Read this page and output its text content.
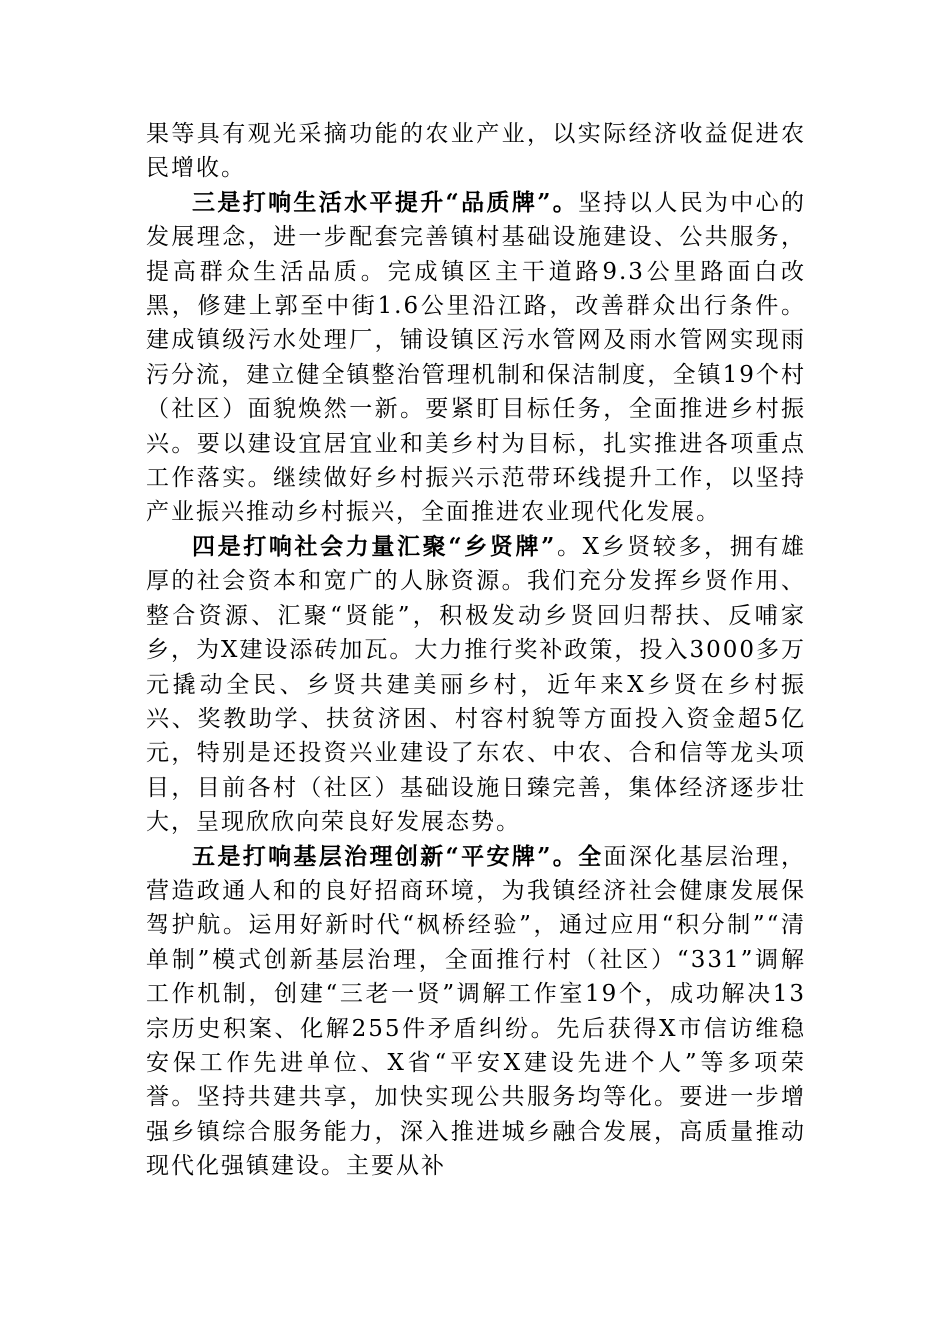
果等具有观光采摘功能的农业产业，以实际经济收益促进农民增收。

三是打响生活水平提升“品质牌”。坚持以人民为中心的发展理念，进一步配套完善镇村基础设施建设、公共服务，提高群众生活品质。完成镇区主干道路9.3公里路面白改黑，修建上郭至中街1.6公里沿江路，改善群众出行条件。建成镇级污水处理厂，铺设镇区污水管网及雨水管网实现雨污分流，建立健全镇整治管理机制和保洁制度，全镇19个村（社区）面貌焕然一新。要紧盯目标任务，全面推进乡村振兴。要以建设宜居宜业和美乡村为目标，扎实推进各项重点工作落实。继续做好乡村振兴示范带环线提升工作，以坚持产业振兴推动乡村振兴，全面推进农业现代化发展。

四是打响社会力量汇聚“乡贤牌”。X乡贤较多，拥有雄厚的社会资本和宽广的人脉资源。我们充分发挥乡贤作用、整合资源、汇聚“贤能”，积极发动乡贤回归帮扶、反哺家乡，为X建设添砖加瓦。大力推行奖补政策，投入3000多万元撬动全民、乡贤共建美丽乡村，近年来X乡贤在乡村振兴、奖教助学、扶贫济困、村容村貌等方面投入资金超5亿元，特别是还投资兴业建设了东农、中农、合和信等龙头项目，目前各村（社区）基础设施日臻完善，集体经济逐步壮大，呈现欣欣向荣良好发展态势。

五是打响基层治理创新“平安牌”。全面深化基层治理，营造政通人和的良好招商环境，为我镇经济社会健康发展保驾护航。运用好新时代“枫桥经验”，通过应用“积分制”“清单制”模式创新基层治理，全面推行村（社区）“331”调解工作机制，创建“三老一贤”调解工作室19个，成功解决13宗历史积案、化解255件矛盾纠纷。先后获得X市信访维稳安保工作先进单位、X省“平安X建设先进个人”等多项荣誉。坚持共建共享，加快实现公共服务均等化。要进一步增强乡镇综合服务能力，深入推进城乡融合发展，高质量推动现代化强镇建设。主要从补
